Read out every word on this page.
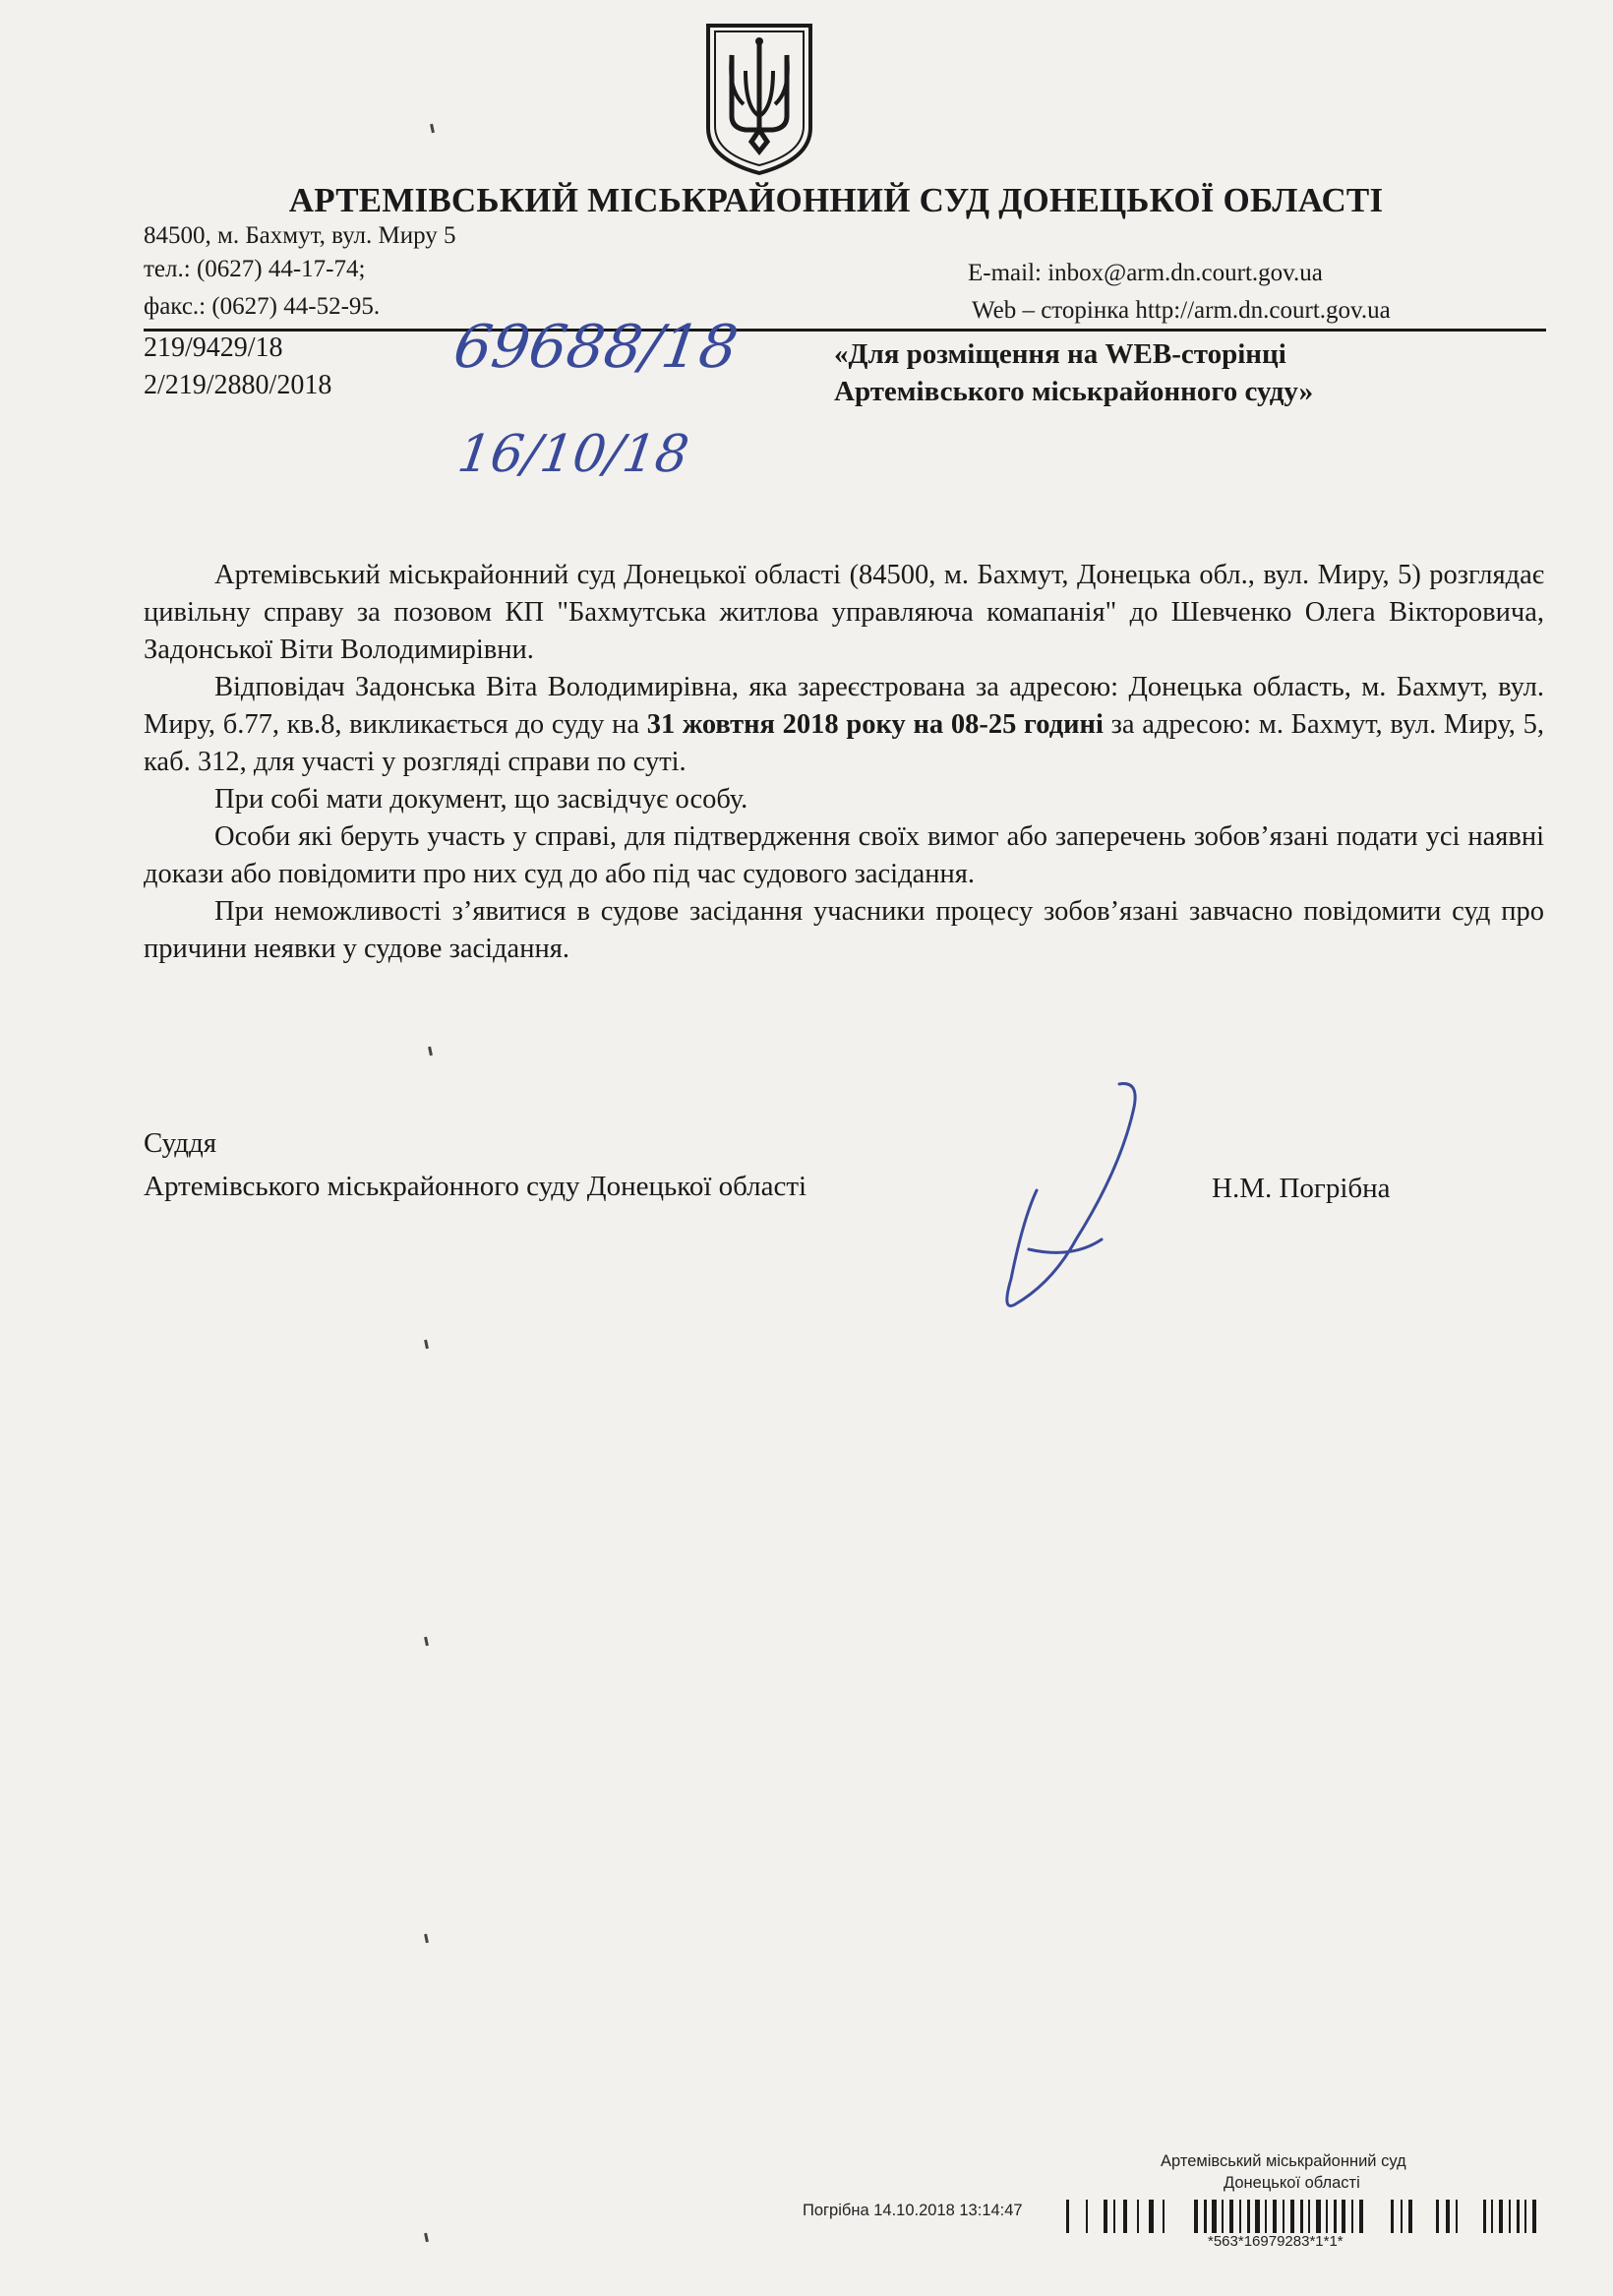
АРТЕМІВСЬКИЙ МІСЬКРАЙОННИЙ СУД ДОНЕЦЬКОЇ ОБЛАСТІ
84500, м. Бахмут, вул. Миру 5
тел.: (0627) 44-17-74;
факс.: (0627) 44-52-95.
E-mail: inbox@arm.dn.court.gov.ua
Web – сторінка http://arm.dn.court.gov.ua
219/9429/18
2/219/2880/2018
«Для розміщення на WEB-сторінці
Артемівського міськрайонного суду»
69688/18
16/10/18

Артемівський міськрайонний суд Донецької області (84500, м. Бахмут, Донецька обл., вул. Миру, 5) розглядає цивільну справу за позовом КП "Бахмутська житлова управляюча комапанія" до Шевченко Олега Вікторовича, Задонської Віти Володимирівни.

Відповідач Задонська Віта Володимирівна, яка зареєстрована за адресою: Донецька область, м. Бахмут, вул. Миру, б.77, кв.8, викликається до суду на 31 жовтня 2018 року на 08-25 годині за адресою: м. Бахмут, вул. Миру, 5, каб. 312, для участі у розгляді справи по суті.

При собі мати документ, що засвідчує особу.

Особи які беруть участь у справі, для підтвердження своїх вимог або заперечень зобов’язані подати усі наявні докази або повідомити про них суд до або під час судового засідання.

При неможливості з’явитися в судове засідання учасники процесу зобов’язані завчасно повідомити суд про причини неявки у судове засідання.

Суддя
Артемівського міськрайонного суду Донецької області	Н.М. Погрібна
Артемівський міськрайонний суд
Донецької області
Погрібна 14.10.2018 13:14:47
*563*16979283*1*1*
